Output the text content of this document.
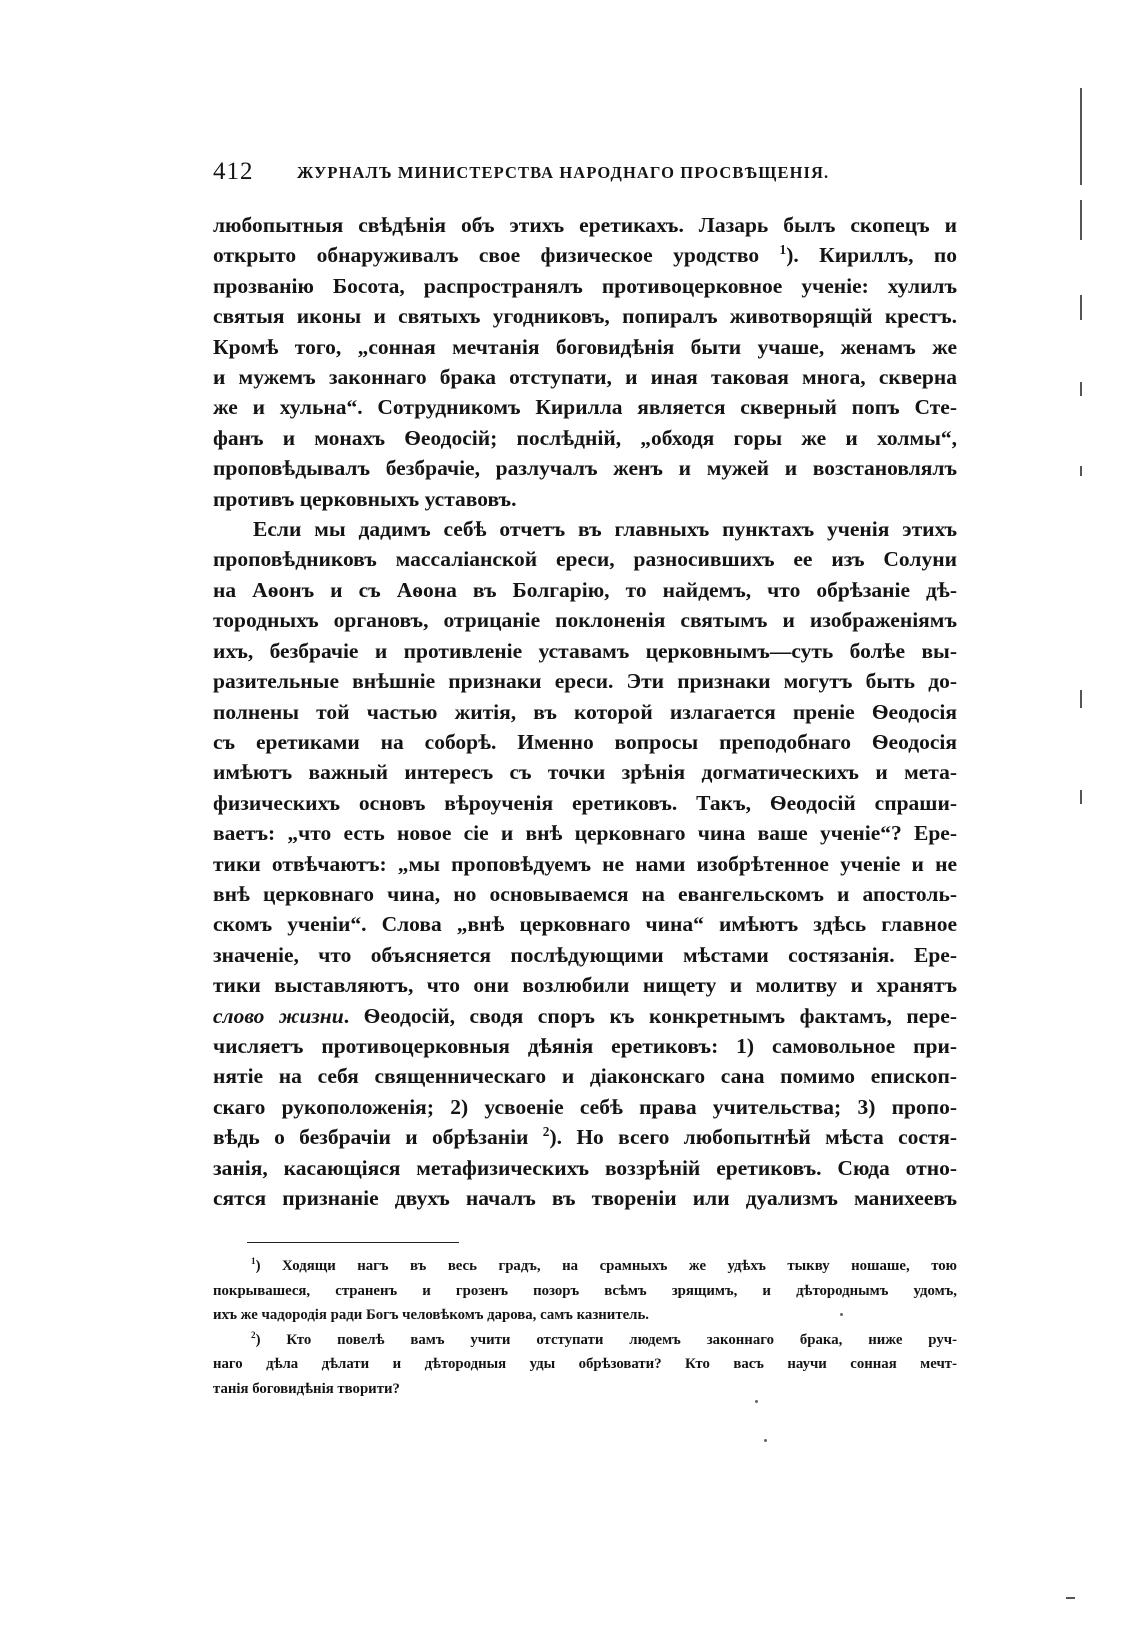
412	ЖУРНАЛЪ МИНИСТЕРСТВА НАРОДНАГО ПРОСВѢЩЕНІЯ.
любопытныя свѣдѣнія объ этихъ еретикахъ. Лазарь былъ скопецъ и
открыто обнаруживалъ свое физическое уродство $^1$). Кириллъ, по
прозванію Босота, распространялъ противоцерковное ученіе: хулилъ
святыя иконы и святыхъ угодниковъ, попиралъ животворящій крестъ.
Кромѣ того, „сонная мечтанія боговидѣнія быти учаше, женамъ же
и мужемъ законнаго брака отступати, и иная таковая многа, скверна
же и хульна“. Сотрудникомъ Кирилла является скверный попъ Сте-
фанъ и монахъ Ѳеодосій; послѣдній, „обходя горы же и холмы“,
проповѣдывалъ безбрачіе, разлучалъ женъ и мужей и возстановлялъ
противъ церковныхъ уставовъ.
Если мы дадимъ себѣ отчетъ въ главныхъ пунктахъ ученія этихъ
проповѣдниковъ массаліанской ереси, разносившихъ ее изъ Солуни
на Аѳонъ и съ Аѳона въ Болгарію, то найдемъ, что обрѣзаніе дѣ-
тородныхъ органовъ, отрицаніе поклоненія святымъ и изображеніямъ
ихъ, безбрачіе и противленіе уставамъ церковнымъ—суть болѣе вы-
разительные внѣшніе признаки ереси. Эти признаки могутъ быть до-
полнены той частью житія, въ которой излагается преніе Ѳеодосія
съ еретиками на соборѣ. Именно вопросы преподобнаго Ѳеодосія
имѣютъ важный интересъ съ точки зрѣнія догматическихъ и мета-
физическихъ основъ вѣроученія еретиковъ. Такъ, Ѳеодосій спраши-
ваетъ: „что есть новое сіе и внѣ церковнаго чина ваше ученіе“? Ере-
тики отвѣчаютъ: „мы проповѣдуемъ не нами изобрѣтенное ученіе и не
внѣ церковнаго чина, но основываемся на евангельскомъ и апостоль-
скомъ ученіи“. Слова „внѣ церковнаго чина“ имѣютъ здѣсь главное
значеніе, что объясняется послѣдующими мѣстами состязанія. Ере-
тики выставляютъ, что они возлюбили нищету и молитву и хранятъ
слово жизни. Ѳеодосій, сводя споръ къ конкретнымъ фактамъ, пере-
числяетъ противоцерковныя дѣянія еретиковъ: 1) самовольное при-
нятіе на себя священническаго и діаконскаго сана помимо епископ-
скаго рукоположенія; 2) усвоеніе себѣ права учительства; 3) пропо-
вѣдь о безбрачіи и обрѣзаніи $^2$). Но всего любопытнѣй мѣста состя-
занія, касающіяся метафизическихъ воззрѣній еретиковъ. Сюда отно-
сятся признаніе двухъ началъ въ твореніи или дуализмъ манихеевъ
$^1$) Ходящи нагъ въ весь градъ, на срамныхъ же удѣхъ тыкву ношаше, тою
покрывашеся, страненъ и грозенъ позоръ всѣмъ зрящимъ, и дѣтороднымъ удомъ,
ихъ же чадородія ради Богъ человѣкомъ дарова, самъ казнитель.
$^2$) Кто повелѣ вамъ учити отступати людемъ законнаго брака, ниже руч-
наго дѣла дѣлати и дѣтородныя уды обрѣзовати? Кто васъ научи сонная мечт-
танія боговидѣнія творити?
